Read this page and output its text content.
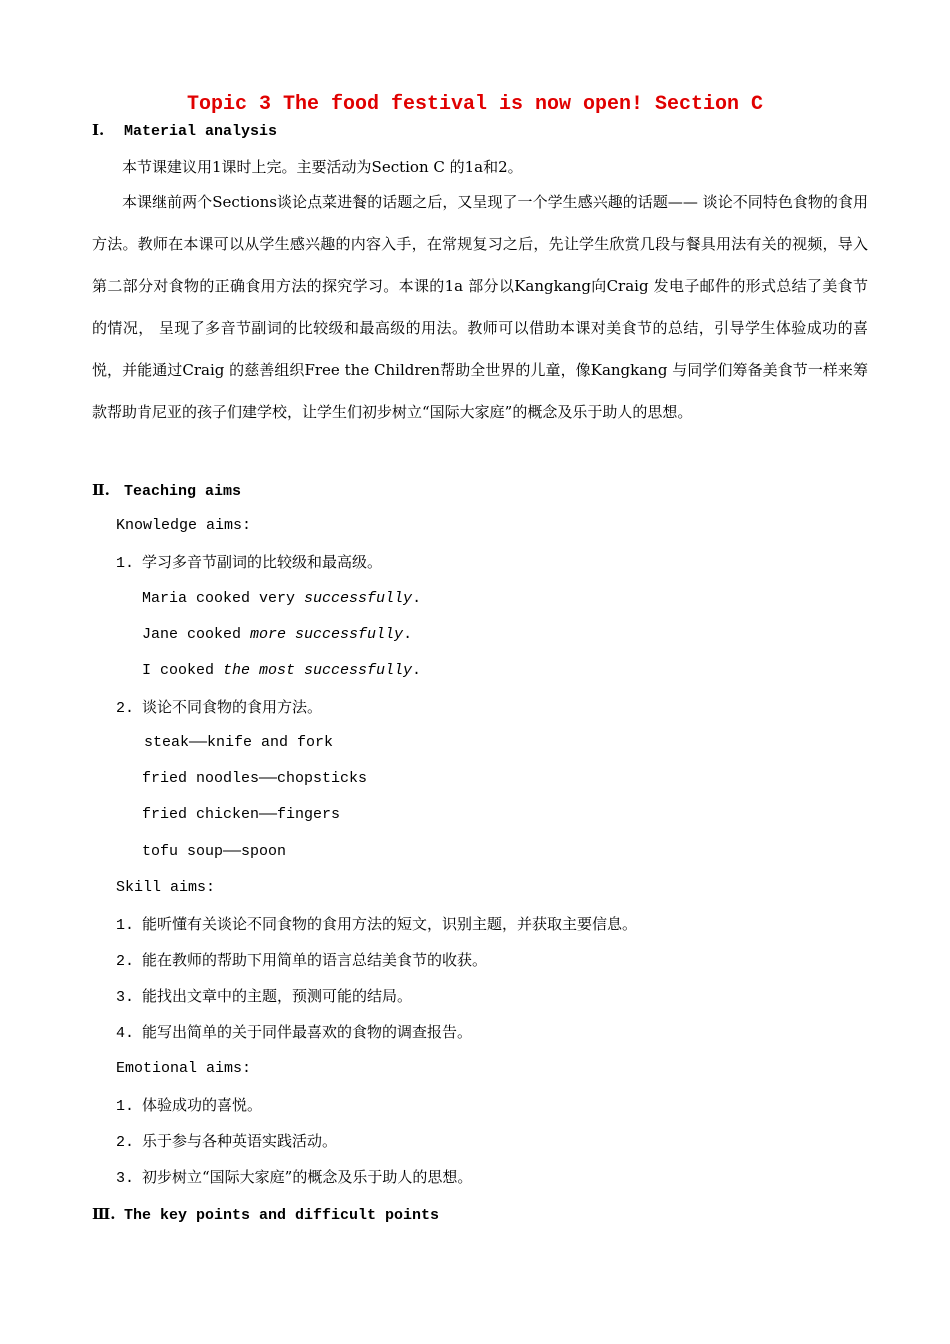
Topic 3 The food festival is now open! Section C
Ⅰ. Material analysis
本节课建议用1课时上完。主要活动为Section C 的1a和2。
本课继前两个Sections谈论点菜进餐的话题之后，又呈现了一个学生感兴趣的话题—— 谈论不同特色食物的食用方法。教师在本课可以从学生感兴趣的内容入手，在常规复习之后，先让学生欣赏几段与餐具用法有关的视频，导入第二部分对食物的正确食用方法的探究学习。本课的1a 部分以Kangkang向Craig 发电子邮件的形式总结了美食节的情况， 呈现了多音节副词的比较级和最高级的用法。教师可以借助本课对美食节的总结，引导学生体验成功的喜悦，并能通过Craig 的慈善组织Free the Children帮助全世界的儿童，像Kangkang 与同学们筹备美食节一样来筹款帮助肯尼亚的孩子们建学校，让学生们初步树立“国际大家庭”的概念及乐于助人的思想。
Ⅱ. Teaching aims
Knowledge aims:
1. 学习多音节副词的比较级和最高级。
Maria cooked very successfully.
Jane cooked more successfully.
I cooked the most successfully.
2. 谈论不同食物的食用方法。
steak——knife and fork
fried noodles——chopsticks
fried chicken——fingers
tofu soup——spoon
Skill aims:
1. 能听懂有关谈论不同食物的食用方法的短文，识别主题，并获取主要信息。
2. 能在教师的帮助下用简单的语言总结美食节的收获。
3. 能找出文章中的主题，预测可能的结局。
4. 能写出简单的关于同伴最喜欢的食物的调查报告。
Emotional aims:
1. 体验成功的喜悦。
2. 乐于参与各种英语实践活动。
3. 初步树立“国际大家庭”的概念及乐于助人的思想。
Ⅲ. The key points and difficult points
